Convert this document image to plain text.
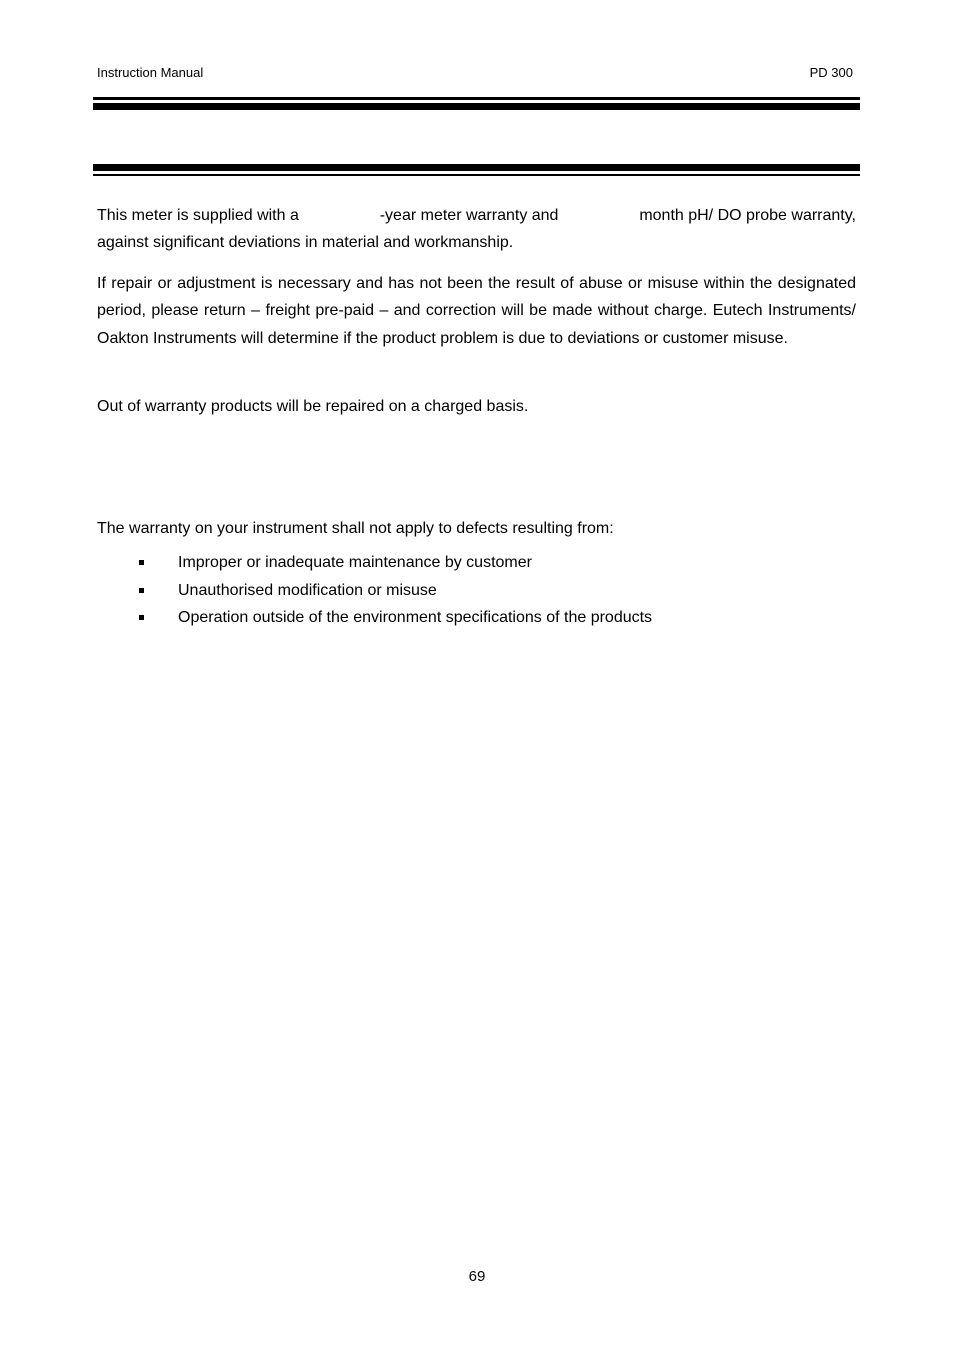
Instruction Manual	PD 300
This meter is supplied with a	-year meter warranty and	month pH/ DO probe warranty,
against significant deviations in material and workmanship.

If repair or adjustment is necessary and has not been the result of abuse or misuse within the designated period, please return – freight pre-paid – and correction will be made without charge. Eutech Instruments/ Oakton Instruments will determine if the product problem is due to deviations or customer misuse.

Out of warranty products will be repaired on a charged basis.

The warranty on your instrument shall not apply to defects resulting from:

Improper or inadequate maintenance by customer
Unauthorised modification or misuse
Operation outside of the environment specifications of the products
69
